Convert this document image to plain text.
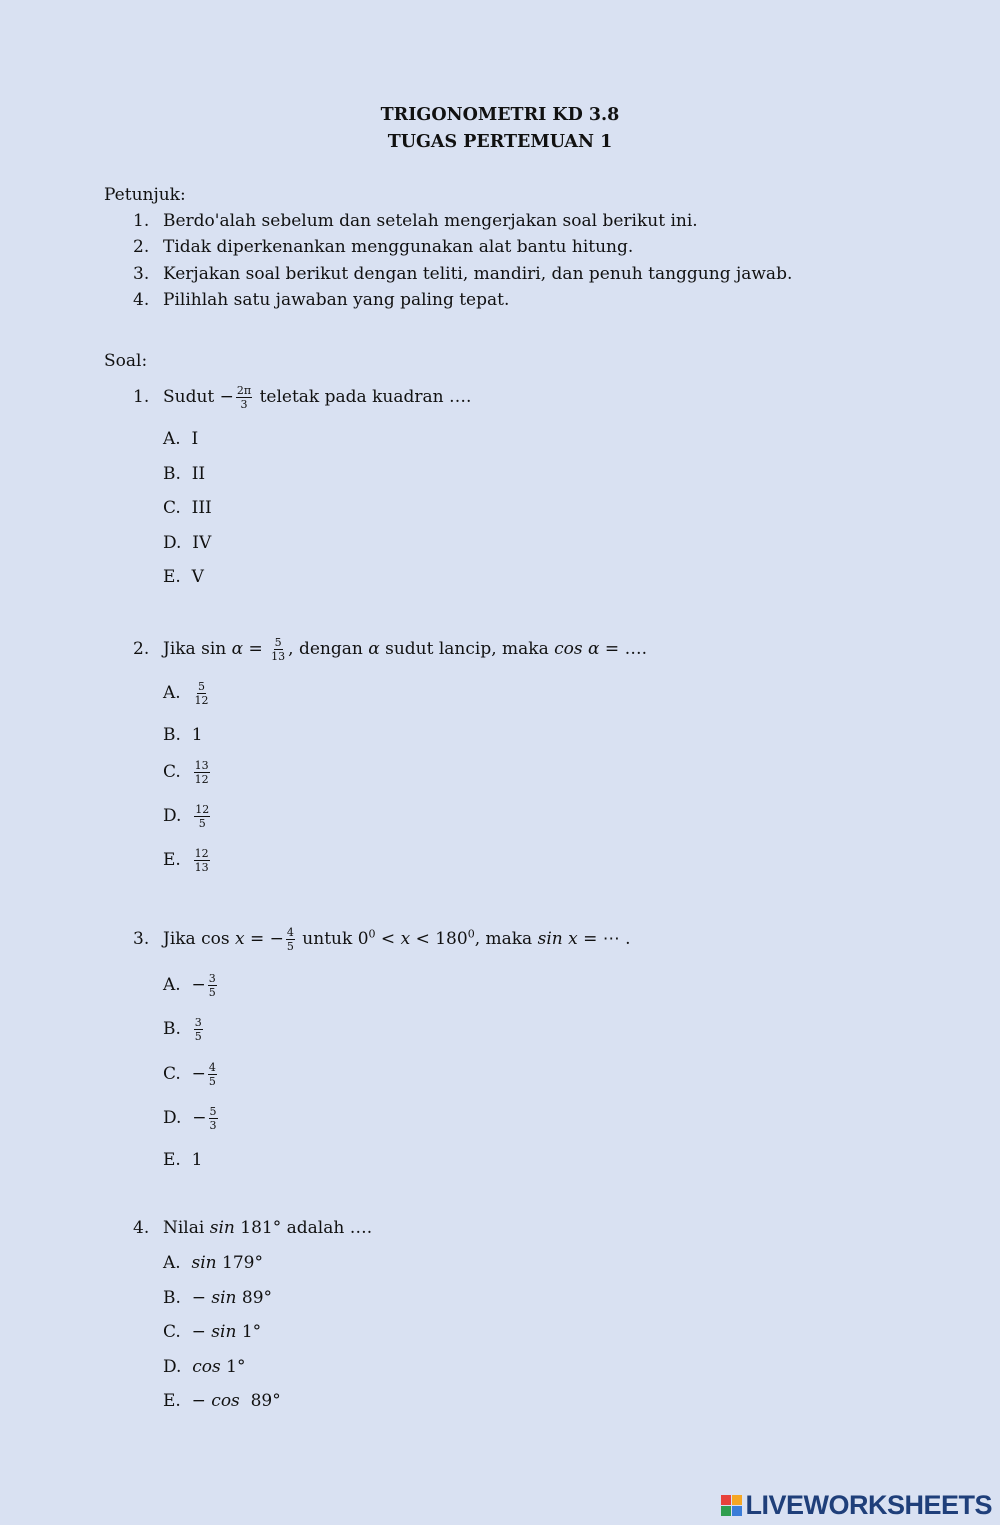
TRIGONOMETRI KD 3.8
TUGAS PERTEMUAN 1
Petunjuk:
1. Berdo'alah sebelum dan setelah mengerjakan soal berikut ini.
2. Tidak diperkenankan menggunakan alat bantu hitung.
3. Kerjakan soal berikut dengan teliti, mandiri, dan penuh tanggung jawab.
4. Pilihlah satu jawaban yang paling tepat.
Soal:
1. Sudut − $\frac{2\pi}{3}$ teletak pada kuadran ….
A. I
B. II
C. III
D. IV
E. V
2. Jika $\sin \alpha = \frac{5}{13}$ , dengan α sudut lancip, maka cos α = ….
A. $\frac{5}{12}$
B. 1
C. $\frac{13}{12}$
D. $\frac{12}{5}$
E. $\frac{12}{13}$
3. Jika cos x = − $\frac{4}{5}$ untuk $0^0 < x < 180^0$, maka sin x = ⋯ .
A. − $\frac{3}{5}$
B. $\frac{3}{5}$
C. − $\frac{4}{5}$
D. − $\frac{5}{3}$
E. 1
4. Nilai sin 181° adalah ….
A. sin 179°
B. − sin 89°
C. − sin 1°
D. cos 1°
E. − cos 89°
LIVEWORKSHEETS
